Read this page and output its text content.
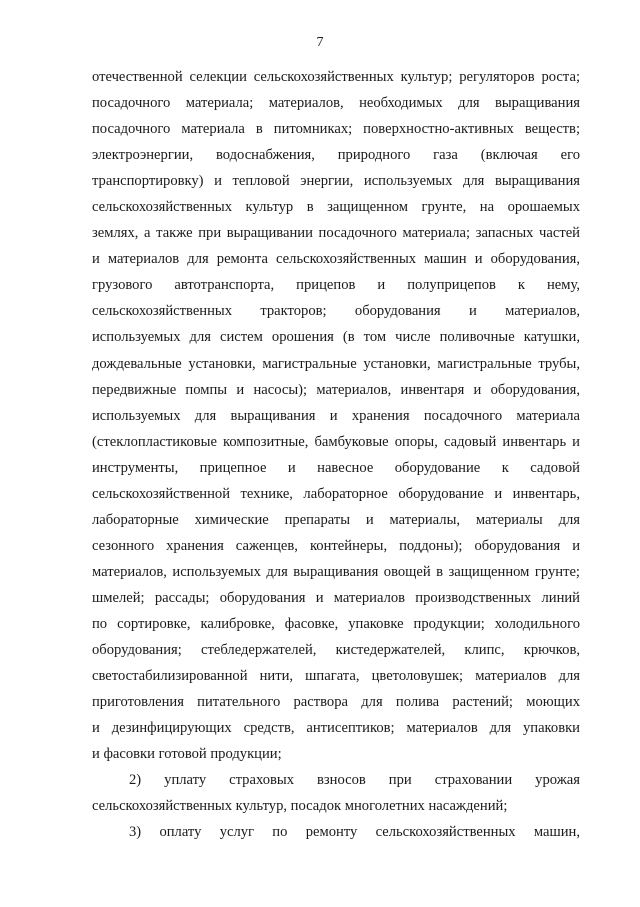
7
отечественной селекции сельскохозяйственных культур; регуляторов роста;
посадочного материала; материалов, необходимых для выращивания
посадочного материала в питомниках; поверхностно-активных веществ;
электроэнергии, водоснабжения, природного газа (включая его
транспортировку) и тепловой энергии, используемых для выращивания
сельскохозяйственных культур в защищенном грунте, на орошаемых
землях, а также при выращивании посадочного материала; запасных частей
и материалов для ремонта сельскохозяйственных машин и оборудования,
грузового автотранспорта, прицепов и полуприцепов к нему,
сельскохозяйственных тракторов; оборудования и материалов,
используемых для систем орошения (в том числе поливочные катушки,
дождевальные установки, магистральные установки, магистральные трубы,
передвижные помпы и насосы); материалов, инвентаря и оборудования,
используемых для выращивания и хранения посадочного материала
(стеклопластиковые композитные, бамбуковые опоры, садовый инвентарь и
инструменты, прицепное и навесное оборудование к садовой
сельскохозяйственной технике, лабораторное оборудование и инвентарь,
лабораторные химические препараты и материалы, материалы для
сезонного хранения саженцев, контейнеры, поддоны); оборудования и
материалов, используемых для выращивания овощей в защищенном грунте;
шмелей; рассады; оборудования и материалов производственных линий
по сортировке, калибровке, фасовке, упаковке продукции; холодильного
оборудования; стебледержателей, кистедержателей, клипс, крючков,
светостабилизированной нити, шпагата, цветоловушек; материалов для
приготовления питательного раствора для полива растений; моющих
и дезинфицирующих средств, антисептиков; материалов для упаковки
и фасовки готовой продукции;
2) уплату страховых взносов при страховании урожая
сельскохозяйственных культур, посадок многолетних насаждений;
3) оплату услуг по ремонту сельскохозяйственных машин,
